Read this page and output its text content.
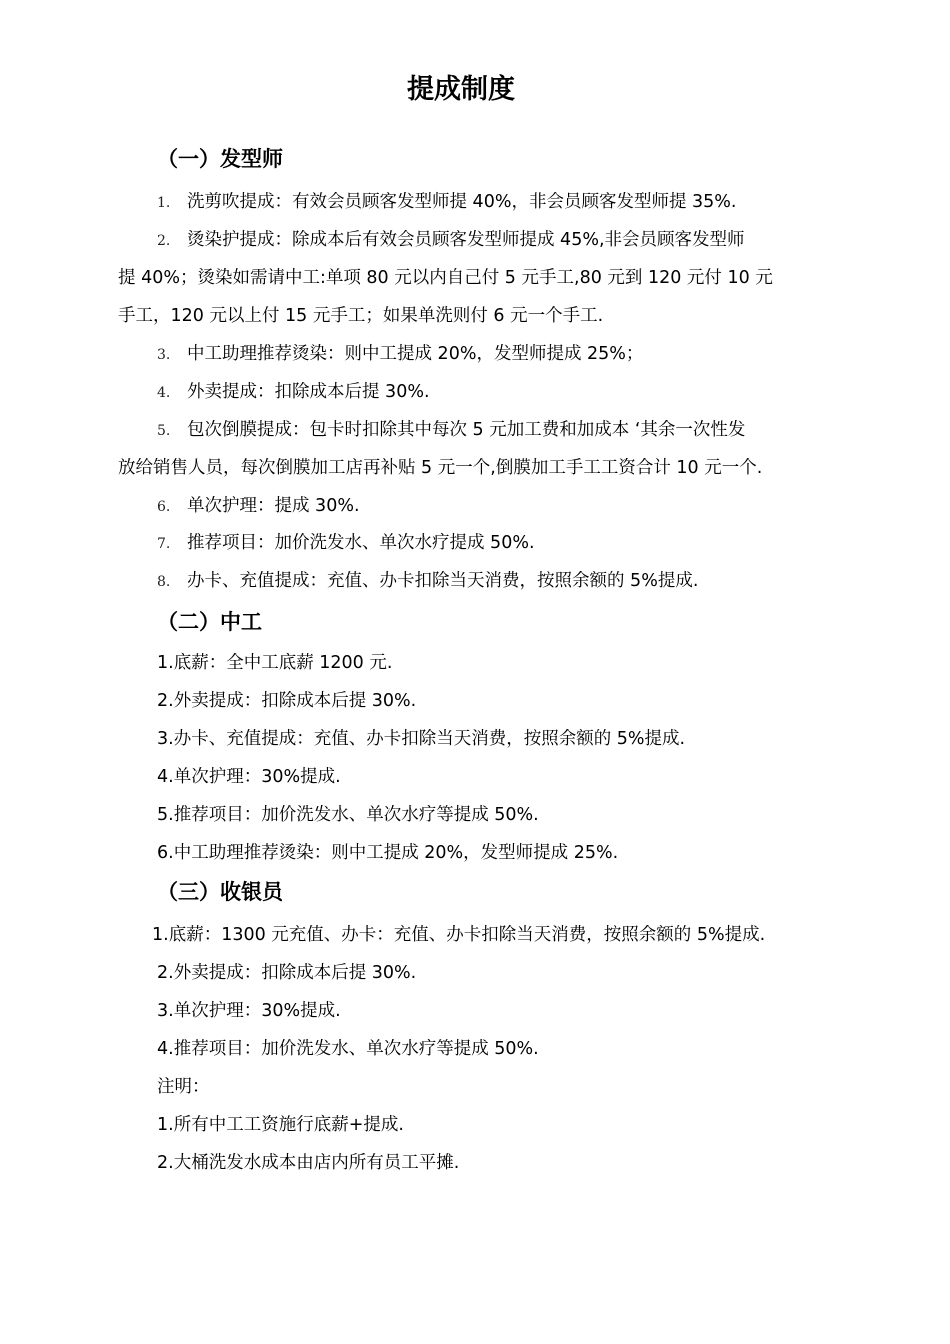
提成制度
（一）发型师
1. 洗剪吹提成：有效会员顾客发型师提 40%，非会员顾客发型师提 35%.
2. 烫染护提成：除成本后有效会员顾客发型师提成 45%,非会员顾客发型师
提 40%；烫染如需请中工:单项 80 元以内自己付 5 元手工,80 元到 120 元付 10 元
手工，120 元以上付 15 元手工；如果单洗则付 6 元一个手工.
3. 中工助理推荐烫染：则中工提成 20%，发型师提成 25%；
4. 外卖提成：扣除成本后提 30%.
5. 包次倒膜提成：包卡时扣除其中每次 5 元加工费和加成本 ‘其余一次性发
放给销售人员，每次倒膜加工店再补贴 5 元一个,倒膜加工手工工资合计 10 元一个.
6. 单次护理：提成 30%.
7. 推荐项目：加价洗发水、单次水疗提成 50%.
8. 办卡、充值提成：充值、办卡扣除当天消费，按照余额的 5%提成.
（二）中工
1.底薪：全中工底薪 1200 元.
2.外卖提成：扣除成本后提 30%.
3.办卡、充值提成：充值、办卡扣除当天消费，按照余额的 5%提成.
4.单次护理：30%提成.
5.推荐项目：加价洗发水、单次水疗等提成 50%.
6.中工助理推荐烫染：则中工提成 20%，发型师提成 25%.
（三）收银员
1.底薪：1300 元充值、办卡：充值、办卡扣除当天消费，按照余额的 5%提成.
2.外卖提成：扣除成本后提 30%.
3.单次护理：30%提成.
4.推荐项目：加价洗发水、单次水疗等提成 50%.
注明：
1.所有中工工资施行底薪+提成.
2.大桶洗发水成本由店内所有员工平摊.
